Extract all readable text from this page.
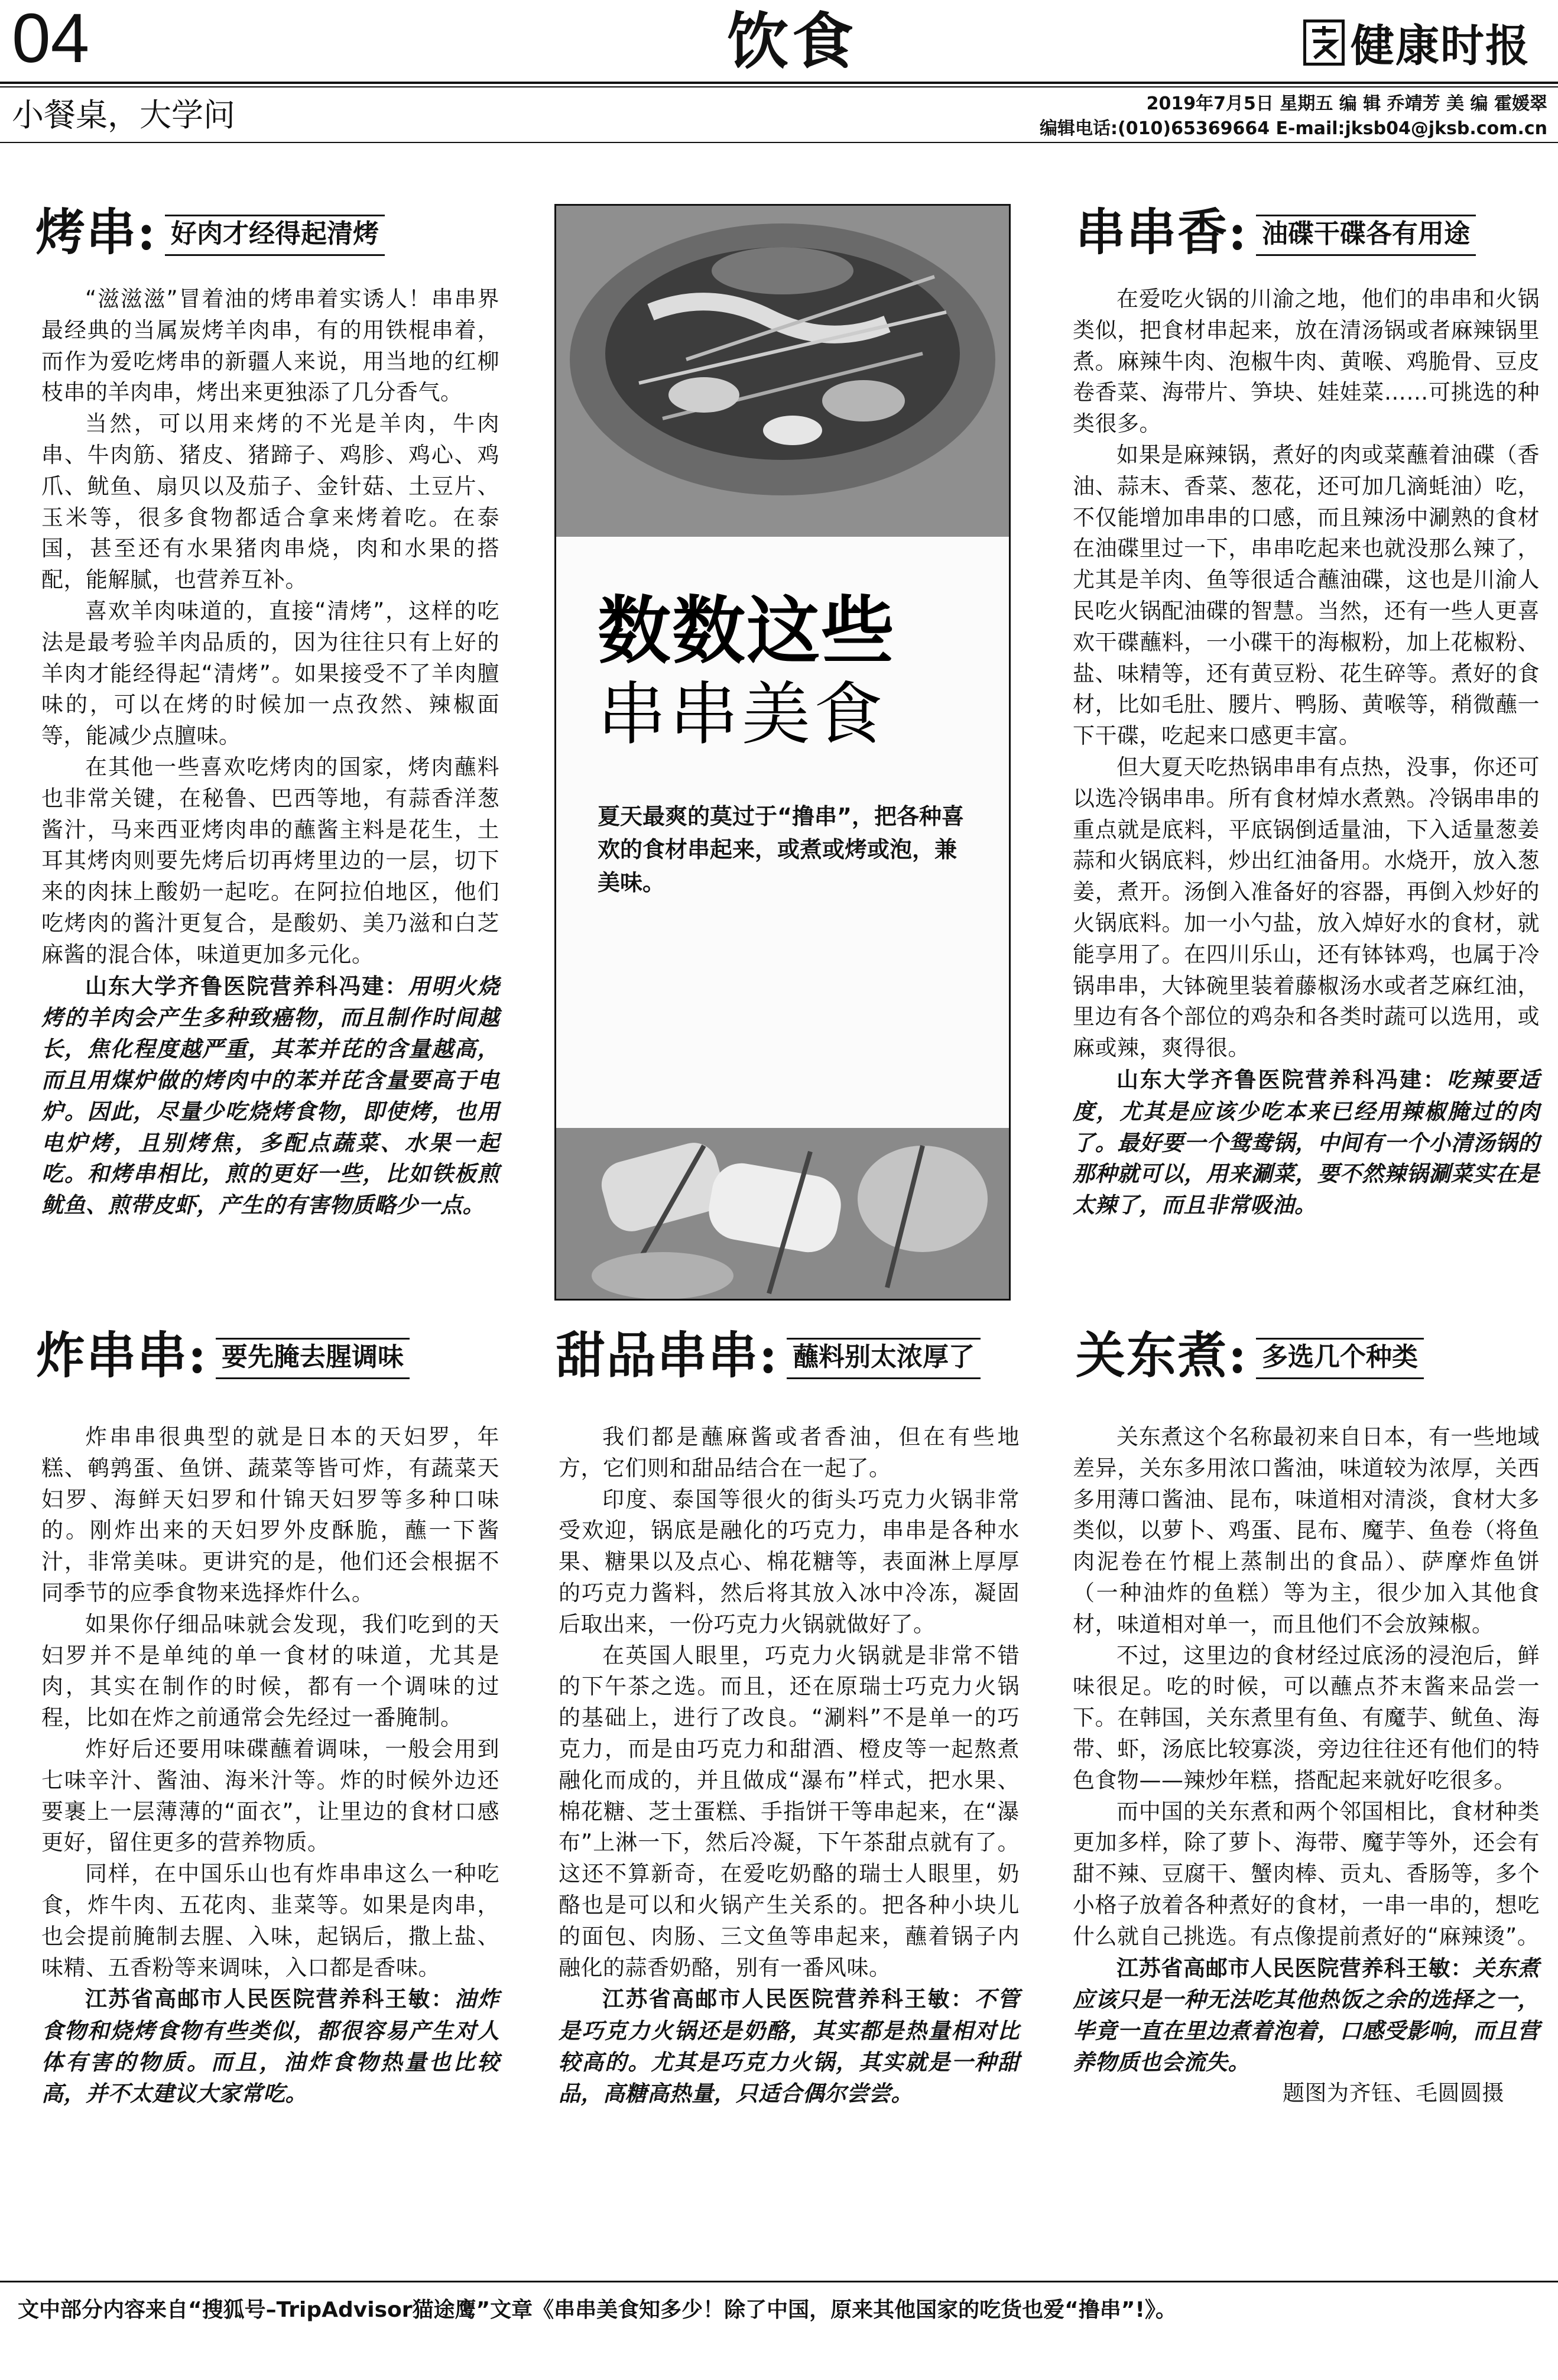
04	饮食	健康时报
小餐桌，大学问	2019年7月5日 星期五 编 辑 乔靖芳 美 编 霍媛翠
编辑电话:(010)65369664 E-mail:jksb04@jksb.com.cn
烤串: 好肉才经得起清烤

“滋滋滋”冒着油的烤串着实诱人！串串界最经典的当属炭烤羊肉串，有的用铁棍串着，而作为爱吃烤串的新疆人来说，用当地的红柳枝串的羊肉串，烤出来更独添了几分香气。

当然，可以用来烤的不光是羊肉，牛肉串、牛肉筋、猪皮、猪蹄子、鸡胗、鸡心、鸡爪、鱿鱼、扇贝以及茄子、金针菇、土豆片、玉米等，很多食物都适合拿来烤着吃。在泰国，甚至还有水果猪肉串烧，肉和水果的搭配，能解腻，也营养互补。

喜欢羊肉味道的，直接“清烤”，这样的吃法是最考验羊肉品质的，因为往往只有上好的羊肉才能经得起“清烤”。如果接受不了羊肉膻味的，可以在烤的时候加一点孜然、辣椒面等，能减少点膻味。

在其他一些喜欢吃烤肉的国家，烤肉蘸料也非常关键，在秘鲁、巴西等地，有蒜香洋葱酱汁，马来西亚烤肉串的蘸酱主料是花生，土耳其烤肉则要先烤后切再烤里边的一层，切下来的肉抹上酸奶一起吃。在阿拉伯地区，他们吃烤肉的酱汁更复合，是酸奶、美乃滋和白芝麻酱的混合体，味道更加多元化。

山东大学齐鲁医院营养科冯建：用明火烧烤的羊肉会产生多种致癌物，而且制作时间越长，焦化程度越严重，其苯并芘的含量越高，而且用煤炉做的烤肉中的苯并芘含量要高于电炉。因此，尽量少吃烧烤食物，即使烤，也用电炉烤，且别烤焦，多配点蔬菜、水果一起吃。和烤串相比，煎的更好一些，比如铁板煎鱿鱼、煎带皮虾，产生的有害物质略少一点。

数数这些
串串美食
夏天最爽的莫过于“撸串”，把各种喜欢的食材串起来，或煮或烤或泡，兼美味。
串串香: 油碟干碟各有用途

在爱吃火锅的川渝之地，他们的串串和火锅类似，把食材串起来，放在清汤锅或者麻辣锅里煮。麻辣牛肉、泡椒牛肉、黄喉、鸡脆骨、豆皮卷香菜、海带片、笋块、娃娃菜……可挑选的种类很多。

如果是麻辣锅，煮好的肉或菜蘸着油碟（香油、蒜末、香菜、葱花，还可加几滴蚝油）吃，不仅能增加串串的口感，而且辣汤中涮熟的食材在油碟里过一下，串串吃起来也就没那么辣了，尤其是羊肉、鱼等很适合蘸油碟，这也是川渝人民吃火锅配油碟的智慧。当然，还有一些人更喜欢干碟蘸料，一小碟干的海椒粉，加上花椒粉、盐、味精等，还有黄豆粉、花生碎等。煮好的食材，比如毛肚、腰片、鸭肠、黄喉等，稍微蘸一下干碟，吃起来口感更丰富。

但大夏天吃热锅串串有点热，没事，你还可以选冷锅串串。所有食材焯水煮熟。冷锅串串的重点就是底料，平底锅倒适量油，下入适量葱姜蒜和火锅底料，炒出红油备用。水烧开，放入葱姜，煮开。汤倒入准备好的容器，再倒入炒好的火锅底料。加一小勺盐，放入焯好水的食材，就能享用了。在四川乐山，还有钵钵鸡，也属于冷锅串串，大钵碗里装着藤椒汤水或者芝麻红油，里边有各个部位的鸡杂和各类时蔬可以选用，或麻或辣，爽得很。

山东大学齐鲁医院营养科冯建：吃辣要适度，尤其是应该少吃本来已经用辣椒腌过的肉了。最好要一个鸳鸯锅，中间有一个小清汤锅的那种就可以，用来涮菜，要不然辣锅涮菜实在是太辣了，而且非常吸油。

炸串串: 要先腌去腥调味

炸串串很典型的就是日本的天妇罗，年糕、鹌鹑蛋、鱼饼、蔬菜等皆可炸，有蔬菜天妇罗、海鲜天妇罗和什锦天妇罗等多种口味的。刚炸出来的天妇罗外皮酥脆，蘸一下酱汁，非常美味。更讲究的是，他们还会根据不同季节的应季食物来选择炸什么。

如果你仔细品味就会发现，我们吃到的天妇罗并不是单纯的单一食材的味道，尤其是肉，其实在制作的时候，都有一个调味的过程，比如在炸之前通常会先经过一番腌制。

炸好后还要用味碟蘸着调味，一般会用到七味辛汁、酱油、海米汁等。炸的时候外边还要裹上一层薄薄的“面衣”，让里边的食材口感更好，留住更多的营养物质。

同样，在中国乐山也有炸串串这么一种吃食，炸牛肉、五花肉、韭菜等。如果是肉串，也会提前腌制去腥、入味，起锅后，撒上盐、味精、五香粉等来调味，入口都是香味。

江苏省高邮市人民医院营养科王敏：油炸食物和烧烤食物有些类似，都很容易产生对人体有害的物质。而且，油炸食物热量也比较高，并不太建议大家常吃。

甜品串串: 蘸料别太浓厚了

我们都是蘸麻酱或者香油，但在有些地方，它们则和甜品结合在一起了。

印度、泰国等很火的街头巧克力火锅非常受欢迎，锅底是融化的巧克力，串串是各种水果、糖果以及点心、棉花糖等，表面淋上厚厚的巧克力酱料，然后将其放入冰中冷冻，凝固后取出来，一份巧克力火锅就做好了。

在英国人眼里，巧克力火锅就是非常不错的下午茶之选。而且，还在原瑞士巧克力火锅的基础上，进行了改良。“涮料”不是单一的巧克力，而是由巧克力和甜酒、橙皮等一起熬煮融化而成的，并且做成“瀑布”样式，把水果、棉花糖、芝士蛋糕、手指饼干等串起来，在“瀑布”上淋一下，然后冷凝，下午茶甜点就有了。这还不算新奇，在爱吃奶酪的瑞士人眼里，奶酪也是可以和火锅产生关系的。把各种小块儿的面包、肉肠、三文鱼等串起来，蘸着锅子内融化的蒜香奶酪，别有一番风味。

江苏省高邮市人民医院营养科王敏：不管是巧克力火锅还是奶酪，其实都是热量相对比较高的。尤其是巧克力火锅，其实就是一种甜品，高糖高热量，只适合偶尔尝尝。

关东煮: 多选几个种类

关东煮这个名称最初来自日本，有一些地域差异，关东多用浓口酱油，味道较为浓厚，关西多用薄口酱油、昆布，味道相对清淡，食材大多类似，以萝卜、鸡蛋、昆布、魔芋、鱼卷（将鱼肉泥卷在竹棍上蒸制出的食品）、萨摩炸鱼饼（一种油炸的鱼糕）等为主，很少加入其他食材，味道相对单一，而且他们不会放辣椒。

不过，这里边的食材经过底汤的浸泡后，鲜味很足。吃的时候，可以蘸点芥末酱来品尝一下。在韩国，关东煮里有鱼、有魔芋、鱿鱼、海带、虾，汤底比较寡淡，旁边往往还有他们的特色食物——辣炒年糕，搭配起来就好吃很多。

而中国的关东煮和两个邻国相比，食材种类更加多样，除了萝卜、海带、魔芋等外，还会有甜不辣、豆腐干、蟹肉棒、贡丸、香肠等，多个小格子放着各种煮好的食材，一串一串的，想吃什么就自己挑选。有点像提前煮好的“麻辣烫”。

江苏省高邮市人民医院营养科王敏：关东煮应该只是一种无法吃其他热饭之余的选择之一，毕竟一直在里边煮着泡着，口感受影响，而且营养物质也会流失。

题图为齐钰、毛圆圆摄

文中部分内容来自“搜狐号–TripAdvisor猫途鹰”文章《串串美食知多少！除了中国，原来其他国家的吃货也爱“撸串”!》。
